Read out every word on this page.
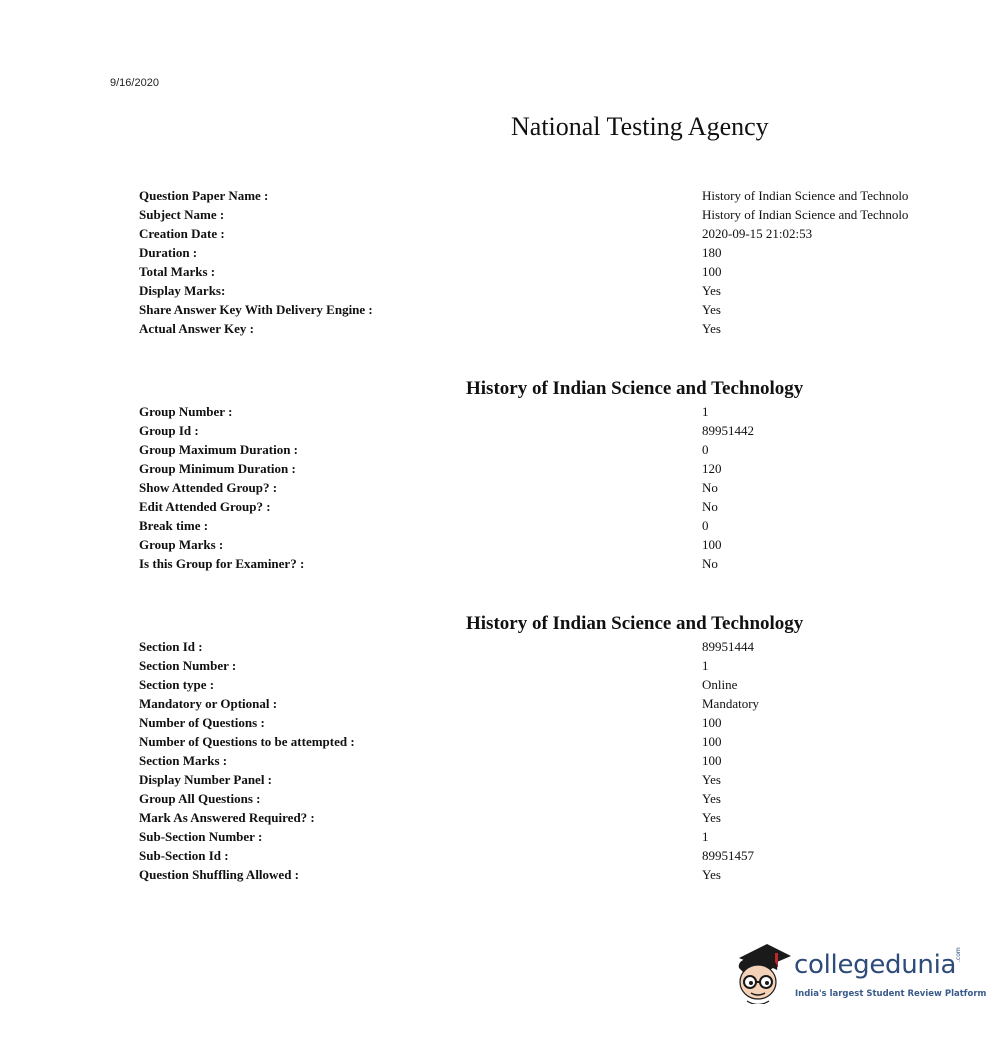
9/16/2020
National Testing Agency
Question Paper Name :	History of Indian Science and Technolo
Subject Name :	History of Indian Science and Technolo
Creation Date :	2020-09-15 21:02:53
Duration :	180
Total Marks :	100
Display Marks:	Yes
Share Answer Key With Delivery Engine :	Yes
Actual Answer Key :	Yes
History of Indian Science and Technology
Group Number :	1
Group Id :	89951442
Group Maximum Duration :	0
Group Minimum Duration :	120
Show Attended Group? :	No
Edit Attended Group? :	No
Break time :	0
Group Marks :	100
Is this Group for Examiner? :	No
History of Indian Science and Technology
Section Id :	89951444
Section Number :	1
Section type :	Online
Mandatory or Optional :	Mandatory
Number of Questions :	100
Number of Questions to be attempted :	100
Section Marks :	100
Display Number Panel :	Yes
Group All Questions :	Yes
Mark As Answered Required? :	Yes
Sub-Section Number :	1
Sub-Section Id :	89951457
Question Shuffling Allowed :	Yes
collegedunia
.com
India's largest Student Review Platform
